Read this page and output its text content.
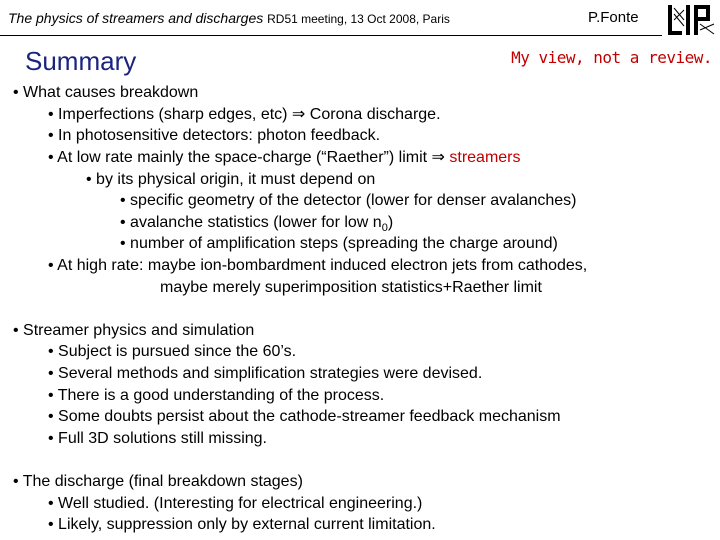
The physics of streamers and discharges RD51 meeting, 13 Oct 2008, Paris	P.Fonte
Summary	My view, not a review.
• What causes breakdown
• Imperfections (sharp edges, etc) ⇒ Corona discharge.
• In photosensitive detectors: photon feedback.
• At low rate mainly the space-charge (“Raether”) limit ⇒ streamers
• by its physical origin, it must depend on
• specific geometry of the detector (lower for denser avalanches)
• avalanche statistics (lower for low $n_0$)
• number of amplification steps (spreading the charge around)
• At high rate: maybe ion-bombardment induced electron jets from cathodes,
maybe merely superimposition statistics+Raether limit
• Streamer physics and simulation
• Subject is pursued since the 60’s.
• Several methods and simplification strategies were devised.
• There is a good understanding of the process.
• Some doubts persist about the cathode-streamer feedback mechanism
• Full 3D solutions still missing.
• The discharge (final breakdown stages)
• Well studied. (Interesting for electrical engineering.)
• Likely, suppression only by external current limitation.
